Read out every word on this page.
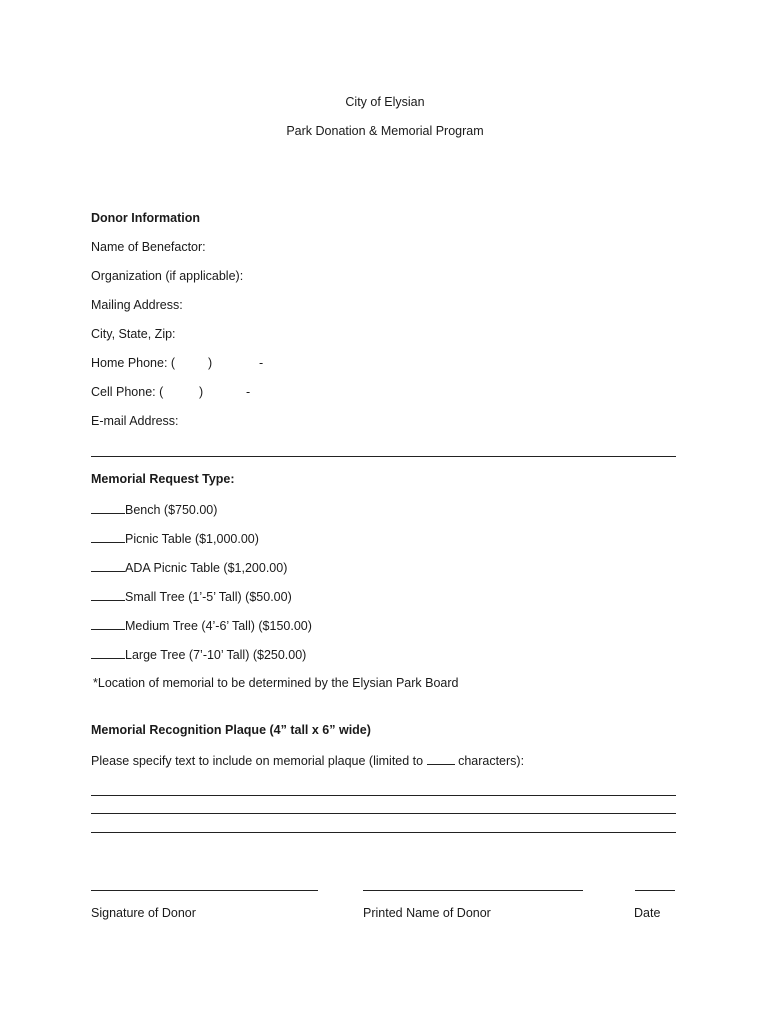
City of Elysian
Park Donation & Memorial Program
Donor Information
Name of Benefactor:
Organization (if applicable):
Mailing Address:
City, State, Zip:
Home Phone: (	)	-
Cell Phone: (	)	-
E-mail Address:
Memorial Request Type:
Bench ($750.00)
Picnic Table ($1,000.00)
ADA Picnic Table ($1,200.00)
Small Tree (1’-5’ Tall) ($50.00)
Medium Tree (4’-6’ Tall) ($150.00)
Large Tree (7’-10’ Tall) ($250.00)
*Location of memorial to be determined by the Elysian Park Board
Memorial Recognition Plaque (4” tall x 6” wide)
Please specify text to include on memorial plaque (limited to  characters):
Signature of Donor	Printed Name of Donor	Date
